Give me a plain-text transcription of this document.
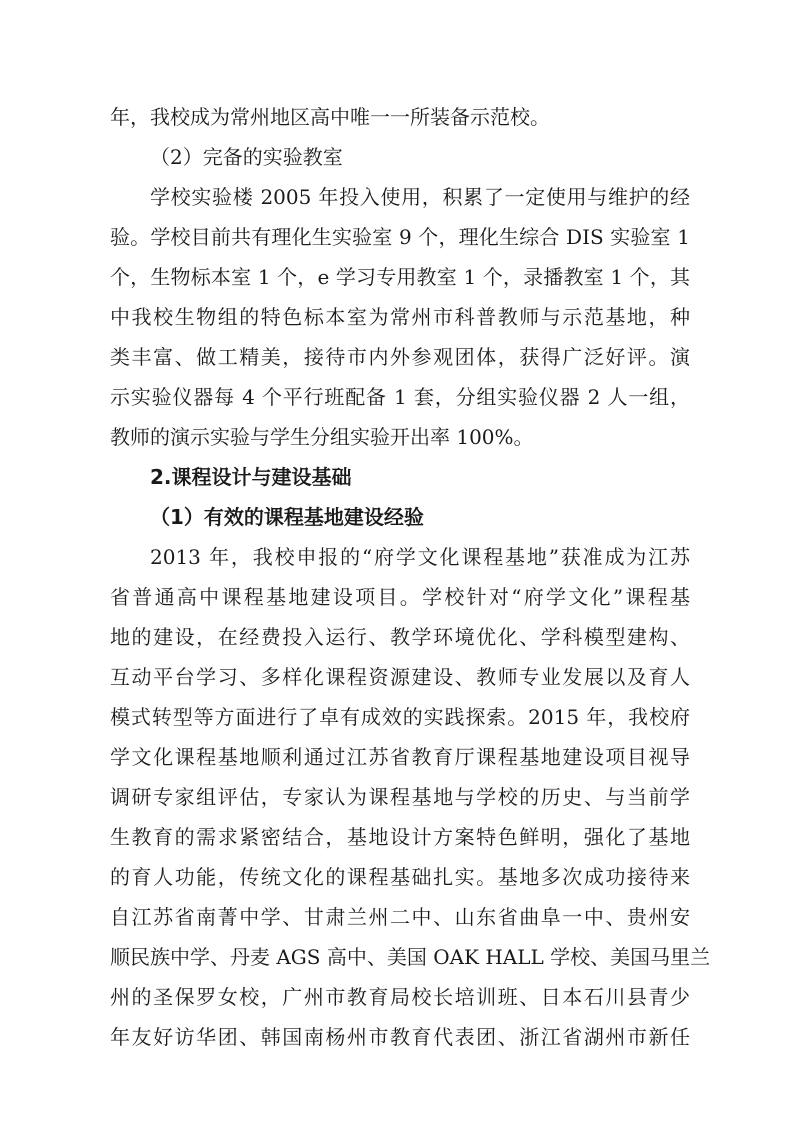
年，我校成为常州地区高中唯一一所装备示范校。
（2）完备的实验教室
学校实验楼 2005 年投入使用，积累了一定使用与维护的经
验。学校目前共有理化生实验室 9 个，理化生综合 DIS 实验室 1
个，生物标本室 1 个，e 学习专用教室 1 个，录播教室 1 个，其
中我校生物组的特色标本室为常州市科普教师与示范基地，种
类丰富、做工精美，接待市内外参观团体，获得广泛好评。演
示实验仪器每 4 个平行班配备 1 套，分组实验仪器 2 人一组，
教师的演示实验与学生分组实验开出率 100%。
2.课程设计与建设基础
（1）有效的课程基地建设经验
2013 年，我校申报的“府学文化课程基地”获准成为江苏
省普通高中课程基地建设项目。学校针对“府学文化”课程基
地的建设，在经费投入运行、教学环境优化、学科模型建构、
互动平台学习、多样化课程资源建设、教师专业发展以及育人
模式转型等方面进行了卓有成效的实践探索。2015 年，我校府
学文化课程基地顺利通过江苏省教育厅课程基地建设项目视导
调研专家组评估，专家认为课程基地与学校的历史、与当前学
生教育的需求紧密结合，基地设计方案特色鲜明，强化了基地
的育人功能，传统文化的课程基础扎实。基地多次成功接待来
自江苏省南菁中学、甘肃兰州二中、山东省曲阜一中、贵州安
顺民族中学、丹麦 AGS 高中、美国 OAK HALL 学校、美国马里兰
州的圣保罗女校，广州市教育局校长培训班、日本石川县青少
年友好访华团、韩国南杨州市教育代表团、浙江省湖州市新任
